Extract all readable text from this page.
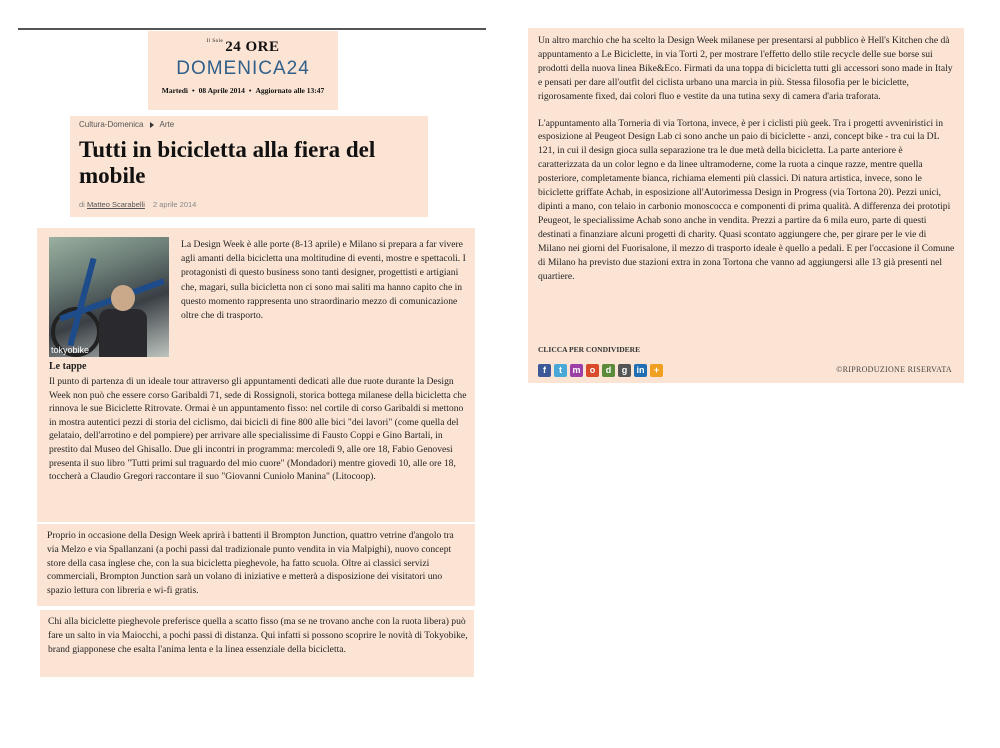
$^{Il Sole}$ 24 ORE
DOMENICA24
Martedì • 08 Aprile 2014 • Aggiornato alle 13:47
Cultura-Domenica Arte
Tutti in bicicletta alla fiera del mobile
di Matteo Scarabelli 2 aprile 2014
tokyobike
La Design Week è alle porte (8-13 aprile) e Milano si prepara a far vivere agli amanti della bicicletta una moltitudine di eventi, mostre e spettacoli. I protagonisti di questo business sono tanti designer, progettisti e artigiani che, magari, sulla bicicletta non ci sono mai saliti ma hanno capito che in questo momento rappresenta uno straordinario mezzo di comunicazione oltre che di trasporto.
Le tappe
Il punto di partenza di un ideale tour attraverso gli appuntamenti dedicati alle due ruote durante la Design Week non può che essere corso Garibaldi 71, sede di Rossignoli, storica bottega milanese della bicicletta che rinnova le sue Biciclette Ritrovate. Ormai è un appuntamento fisso: nel cortile di corso Garibaldi si mettono in mostra autentici pezzi di storia del ciclismo, dai bicicli di fine 800 alle bici "dei lavori" (come quella del gelataio, dell'arrotino e del pompiere) per arrivare alle specialissime di Fausto Coppi e Gino Bartali, in prestito dal Museo del Ghisallo. Due gli incontri in programma: mercoledì 9, alle ore 18, Fabio Genovesi presenta il suo libro "Tutti primi sul traguardo del mio cuore" (Mondadori) mentre giovedì 10, alle ore 18, toccherà a Claudio Gregori raccontare il suo "Giovanni Cuniolo Manina" (Litocoop).
Proprio in occasione della Design Week aprirà i battenti il Brompton Junction, quattro vetrine d'angolo tra via Melzo e via Spallanzani (a pochi passi dal tradizionale punto vendita in via Malpighi), nuovo concept store della casa inglese che, con la sua bicicletta pieghevole, ha fatto scuola. Oltre ai classici servizi commerciali, Brompton Junction sarà un volano di iniziative e metterà a disposizione dei visitatori uno spazio lettura con libreria e wi-fi gratis.
Chi alla biciclette pieghevole preferisce quella a scatto fisso (ma se ne trovano anche con la ruota libera) può fare un salto in via Maiocchi, a pochi passi di distanza. Qui infatti si possono scoprire le novità di Tokyobike, brand giapponese che esalta l'anima lenta e la linea essenziale della bicicletta.

Un altro marchio che ha scelto la Design Week milanese per presentarsi al pubblico è Hell's Kitchen che dà appuntamento a Le Biciclette, in via Torti 2, per mostrare l'effetto dello stile recycle delle sue borse sui prodotti della nuova linea Bike&Eco. Firmati da una toppa di bicicletta tutti gli accessori sono made in Italy e pensati per dare all'outfit del ciclista urbano una marcia in più. Stessa filosofia per le biciclette, rigorosamente fixed, dai colori fluo e vestite da una tutina sexy di camera d'aria traforata.

L'appuntamento alla Torneria di via Tortona, invece, è per i ciclisti più geek. Tra i progetti avveniristici in esposizione al Peugeot Design Lab ci sono anche un paio di biciclette - anzi, concept bike - tra cui la DL 121, in cui il design gioca sulla separazione tra le due metà della bicicletta. La parte anteriore è caratterizzata da un color legno e da linee ultramoderne, come la ruota a cinque razze, mentre quella posteriore, completamente bianca, richiama elementi più classici. Di natura artistica, invece, sono le biciclette griffate Achab, in esposizione all'Autorimessa Design in Progress (via Tortona 20). Pezzi unici, dipinti a mano, con telaio in carbonio monoscocca e componenti di prima qualità. A differenza dei prototipi Peugeot, le specialissime Achab sono anche in vendita. Prezzi a partire da 6 mila euro, parte di questi destinati a finanziare alcuni progetti di charity. Quasi scontato aggiungere che, per girare per le vie di Milano nei giorni del Fuorisalone, il mezzo di trasporto ideale è quello a pedali. E per l'occasione il Comune di Milano ha previsto due stazioni extra in zona Tortona che vanno ad aggiungersi alle 13 già presenti nel quartiere.

CLICCA PER CONDIVIDERE
f	t	m	o	d	g	in	+	©RIPRODUZIONE RISERVATA
